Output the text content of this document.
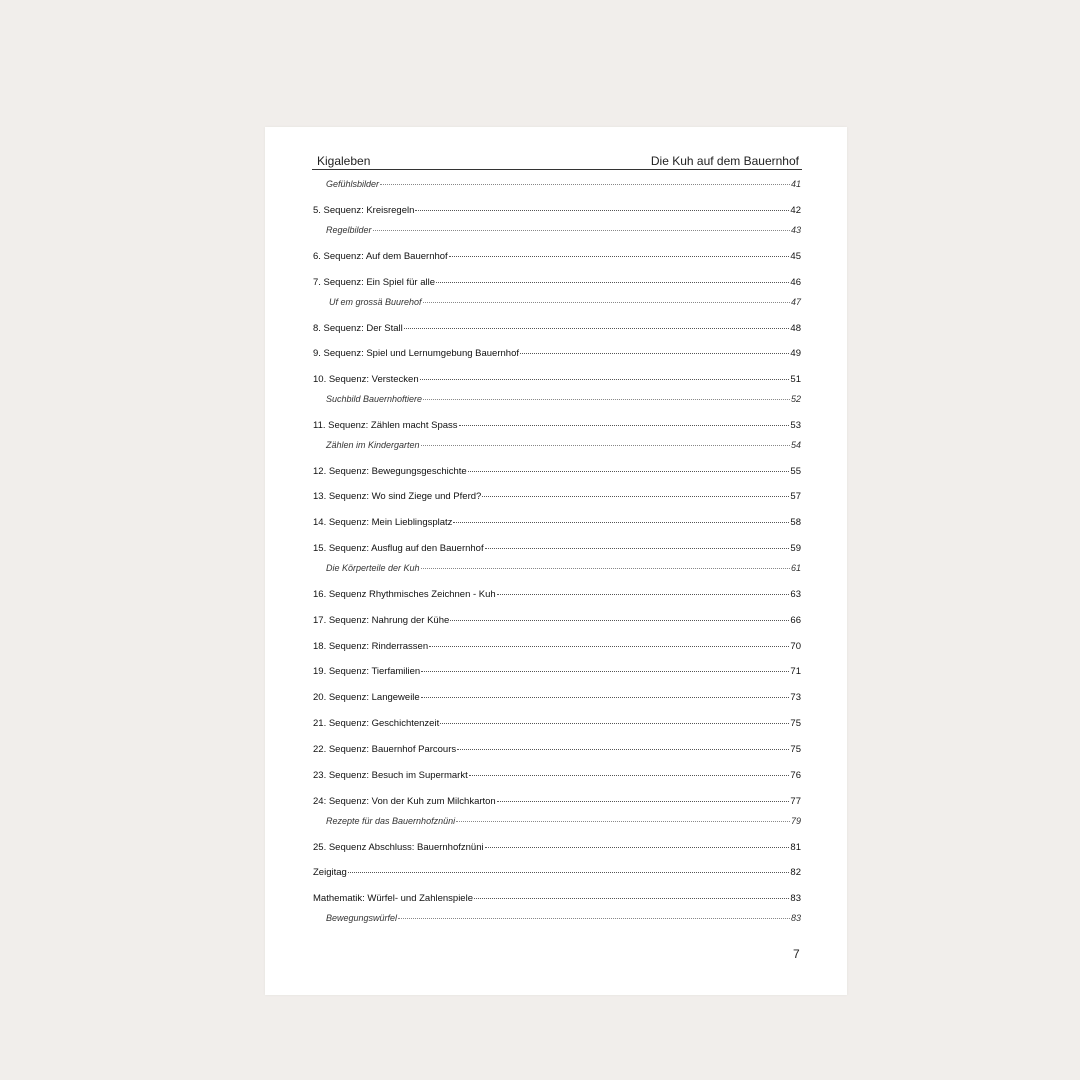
Kigaleben	Die Kuh auf dem Bauernhof
Gefühlsbilder	41
5. Sequenz: Kreisregeln	42
Regelbilder	43
6. Sequenz: Auf dem Bauernhof	45
7. Sequenz: Ein Spiel für alle	46
Uf em grossä Buurehof	47
8. Sequenz: Der Stall	48
9. Sequenz: Spiel und Lernumgebung Bauernhof	49
10. Sequenz: Verstecken	51
Suchbild Bauernhoftiere	52
11. Sequenz: Zählen macht Spass	53
Zählen im Kindergarten	54
12. Sequenz: Bewegungsgeschichte	55
13. Sequenz: Wo sind Ziege und Pferd?	57
14. Sequenz: Mein Lieblingsplatz	58
15. Sequenz: Ausflug auf den Bauernhof	59
Die Körperteile der Kuh	61
16. Sequenz Rhythmisches Zeichnen - Kuh	63
17. Sequenz: Nahrung der Kühe	66
18. Sequenz: Rinderrassen	70
19. Sequenz: Tierfamilien	71
20. Sequenz: Langeweile	73
21. Sequenz: Geschichtenzeit	75
22. Sequenz: Bauernhof Parcours	75
23. Sequenz: Besuch im Supermarkt	76
24: Sequenz: Von der Kuh zum Milchkarton	77
Rezepte für das Bauernhofznüni	79
25. Sequenz Abschluss: Bauernhofznüni	81
Zeigitag	82
Mathematik: Würfel- und Zahlenspiele	83
Bewegungswürfel	83
7
